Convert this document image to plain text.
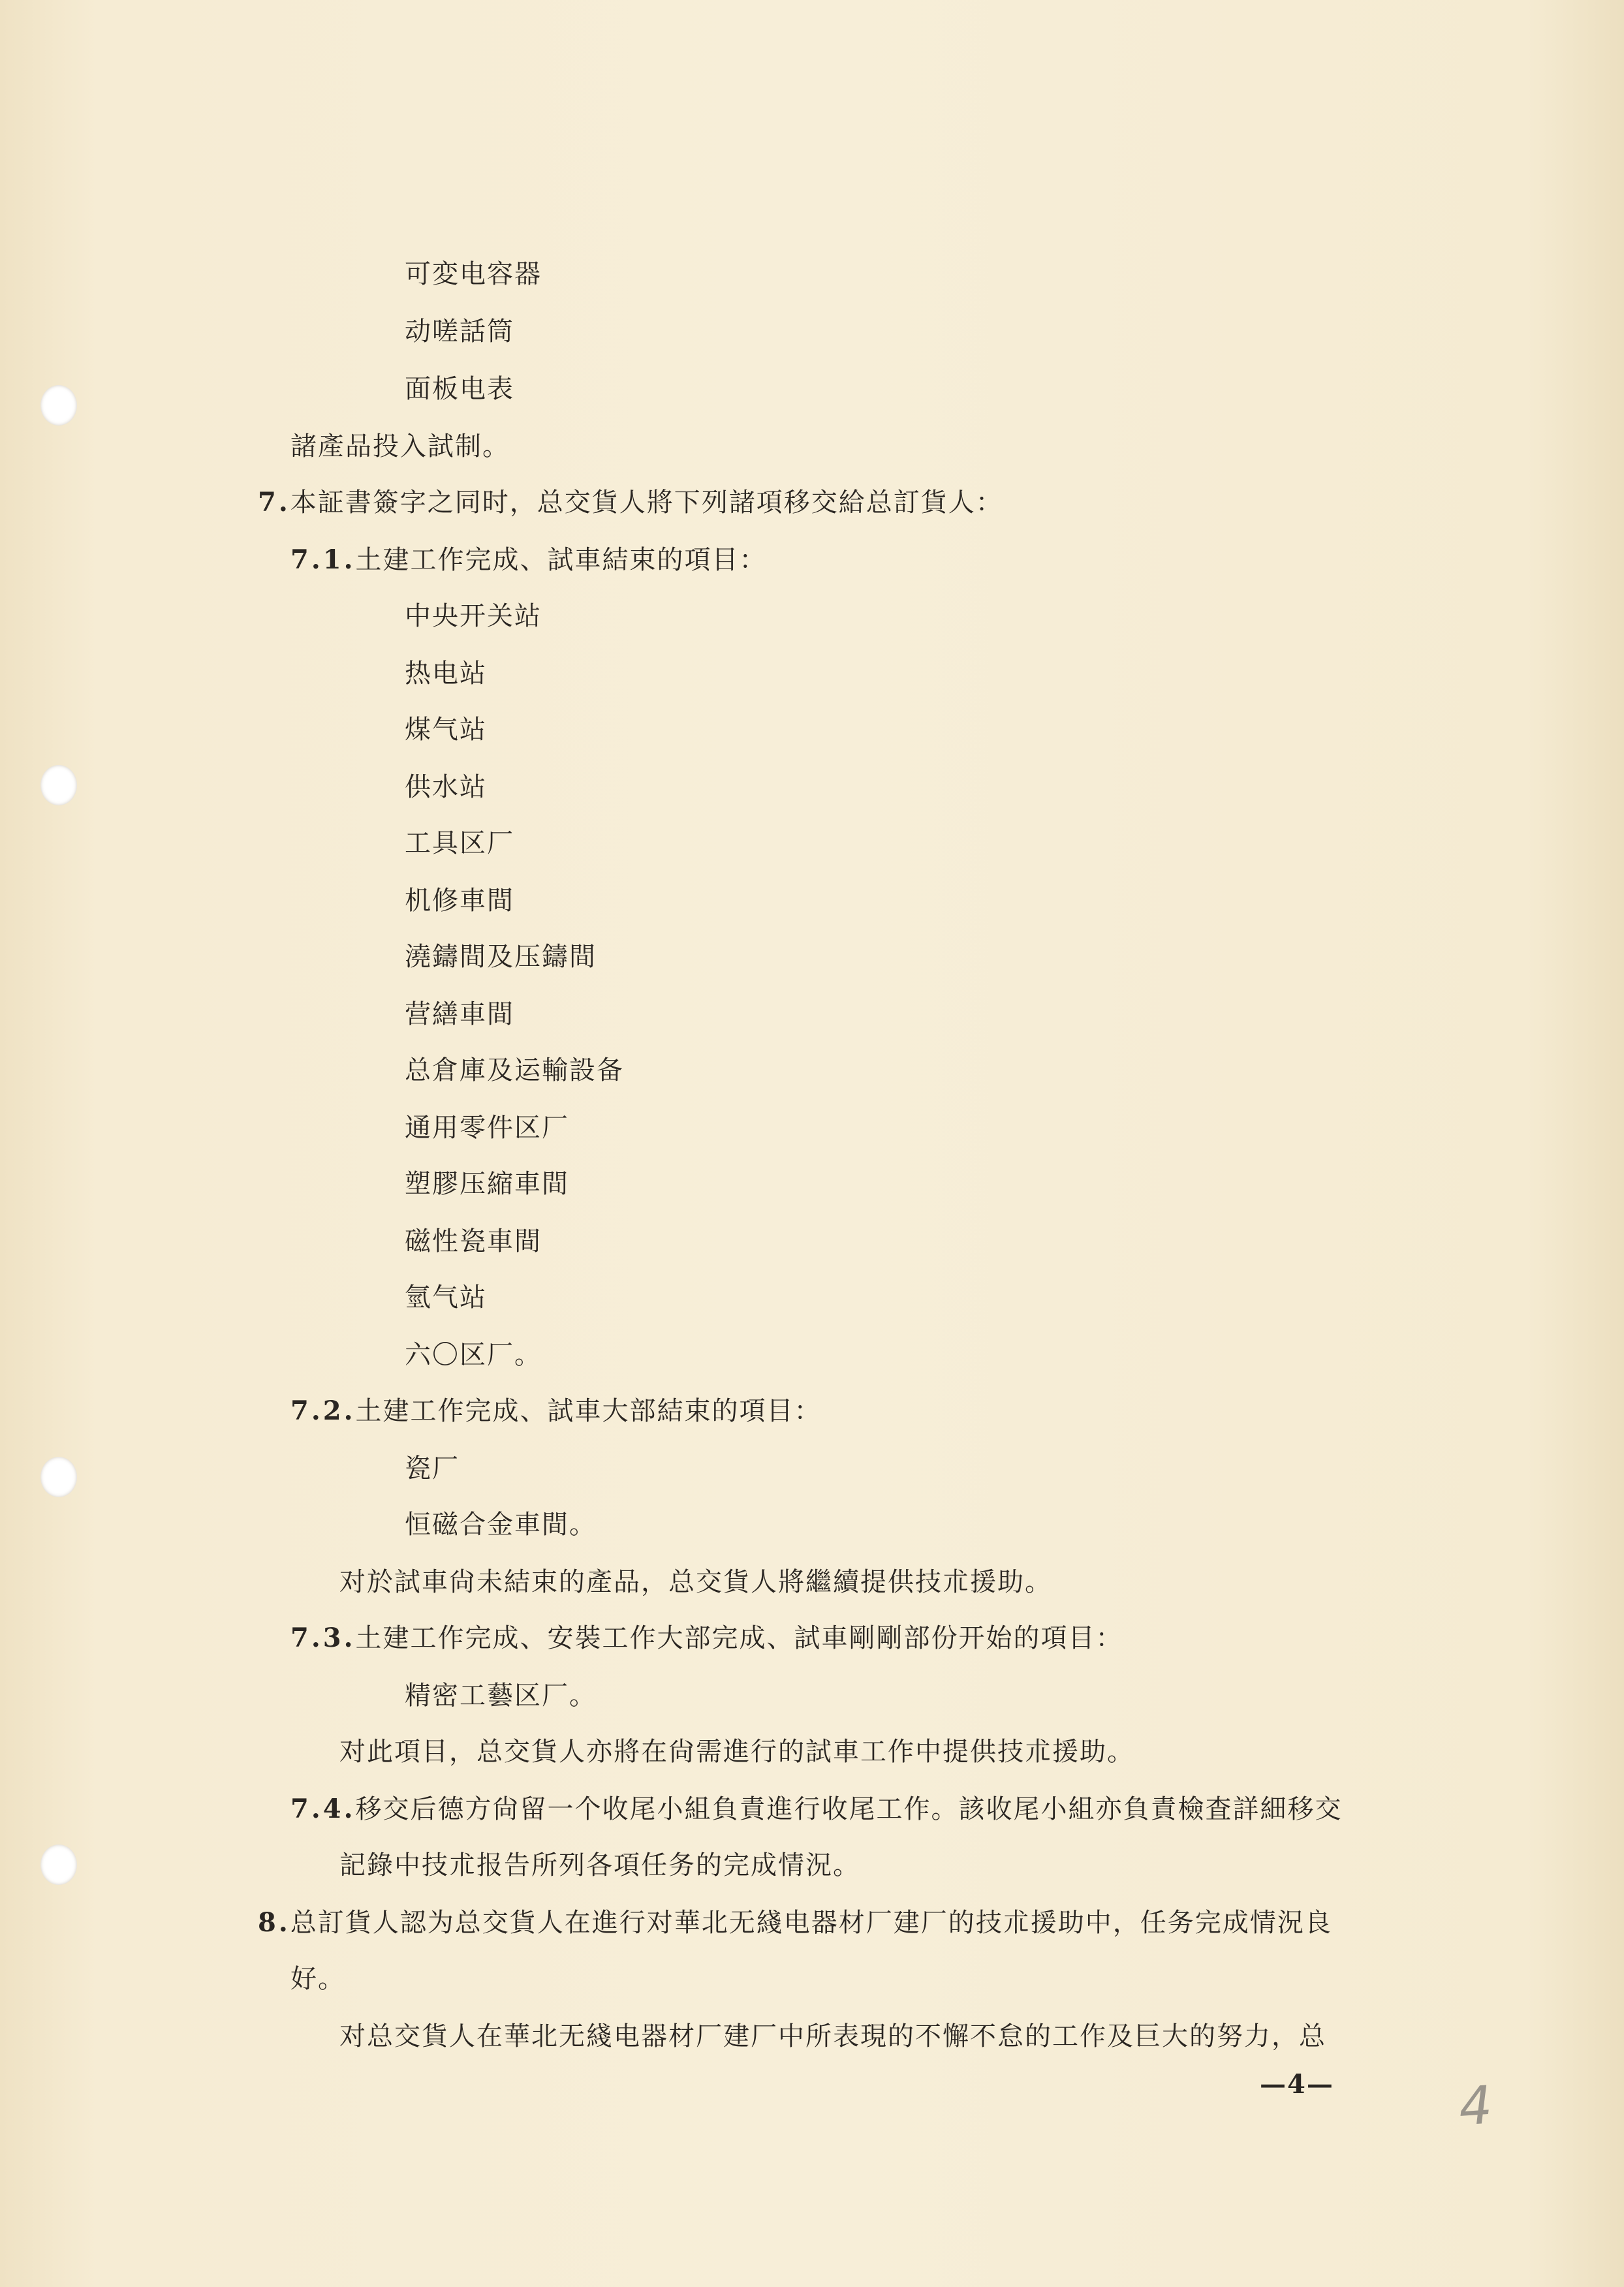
可変电容器
动嗟話筒
面板电表
諸產品投入試制。
7.本証書簽字之同时，总交貨人將下列諸項移交給总訂貨人：
7.1.土建工作完成、試車結束的項目：
中央开关站
热电站
煤气站
供水站
工具区厂
机修車間
澆鑄間及压鑄間
营繕車間
总倉庫及运輸設备
通用零件区厂
塑膠压縮車間
磁性瓷車間
氫气站
六〇区厂。
7.2.土建工作完成、試車大部結束的項目：
瓷厂
恒磁合金車間。
对於試車尙未結束的產品，总交貨人將繼續提供技朮援助。
7.3.土建工作完成、安裝工作大部完成、試車剛剛部份开始的項目：
精密工藝区厂。
对此項目，总交貨人亦將在尙需進行的試車工作中提供技朮援助。
7.4.移交后德方尙留一个收尾小組負責進行收尾工作。該收尾小組亦負責檢査詳細移交
記錄中技朮报告所列各項任务的完成情況。
8.总訂貨人認为总交貨人在進行对華北无綫电器材厂建厂的技朮援助中，任务完成情況良
好。
对总交貨人在華北无綫电器材厂建厂中所表現的不懈不怠的工作及巨大的努力，总
—4— 4
